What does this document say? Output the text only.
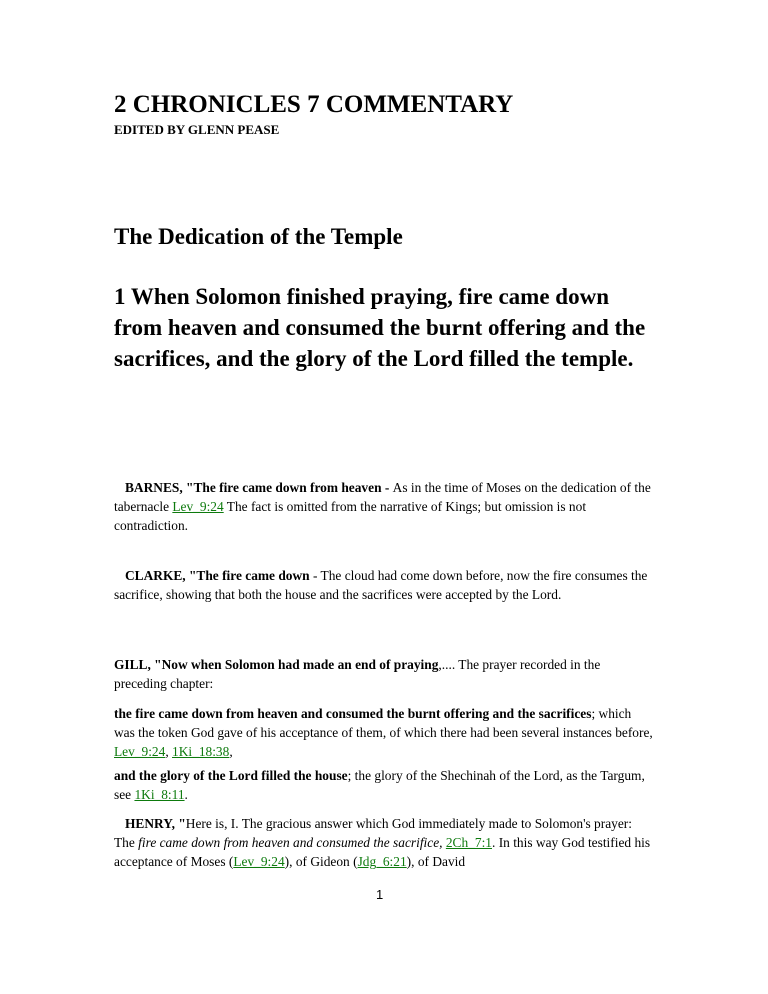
2 CHRONICLES 7 COMMENTARY
EDITED BY GLENN PEASE
The Dedication of the Temple
1 When Solomon finished praying, fire came down from heaven and consumed the burnt offering and the sacrifices, and the glory of the Lord filled the temple.
BARNES, "The fire came down from heaven - As in the time of Moses on the dedication of the tabernacle Lev_9:24 The fact is omitted from the narrative of Kings; but omission is not contradiction.
CLARKE, "The fire came down - The cloud had come down before, now the fire consumes the sacrifice, showing that both the house and the sacrifices were accepted by the Lord.
GILL, "Now when Solomon had made an end of praying,.... The prayer recorded in the preceding chapter:
the fire came down from heaven and consumed the burnt offering and the sacrifices; which was the token God gave of his acceptance of them, of which there had been several instances before, Lev_9:24, 1Ki_18:38,
and the glory of the Lord filled the house; the glory of the Shechinah of the Lord, as the Targum, see 1Ki_8:11.
HENRY, "Here is, I. The gracious answer which God immediately made to Solomon's prayer: The fire came down from heaven and consumed the sacrifice, 2Ch_7:1. In this way God testified his acceptance of Moses (Lev_9:24), of Gideon (Jdg_6:21), of David
1
